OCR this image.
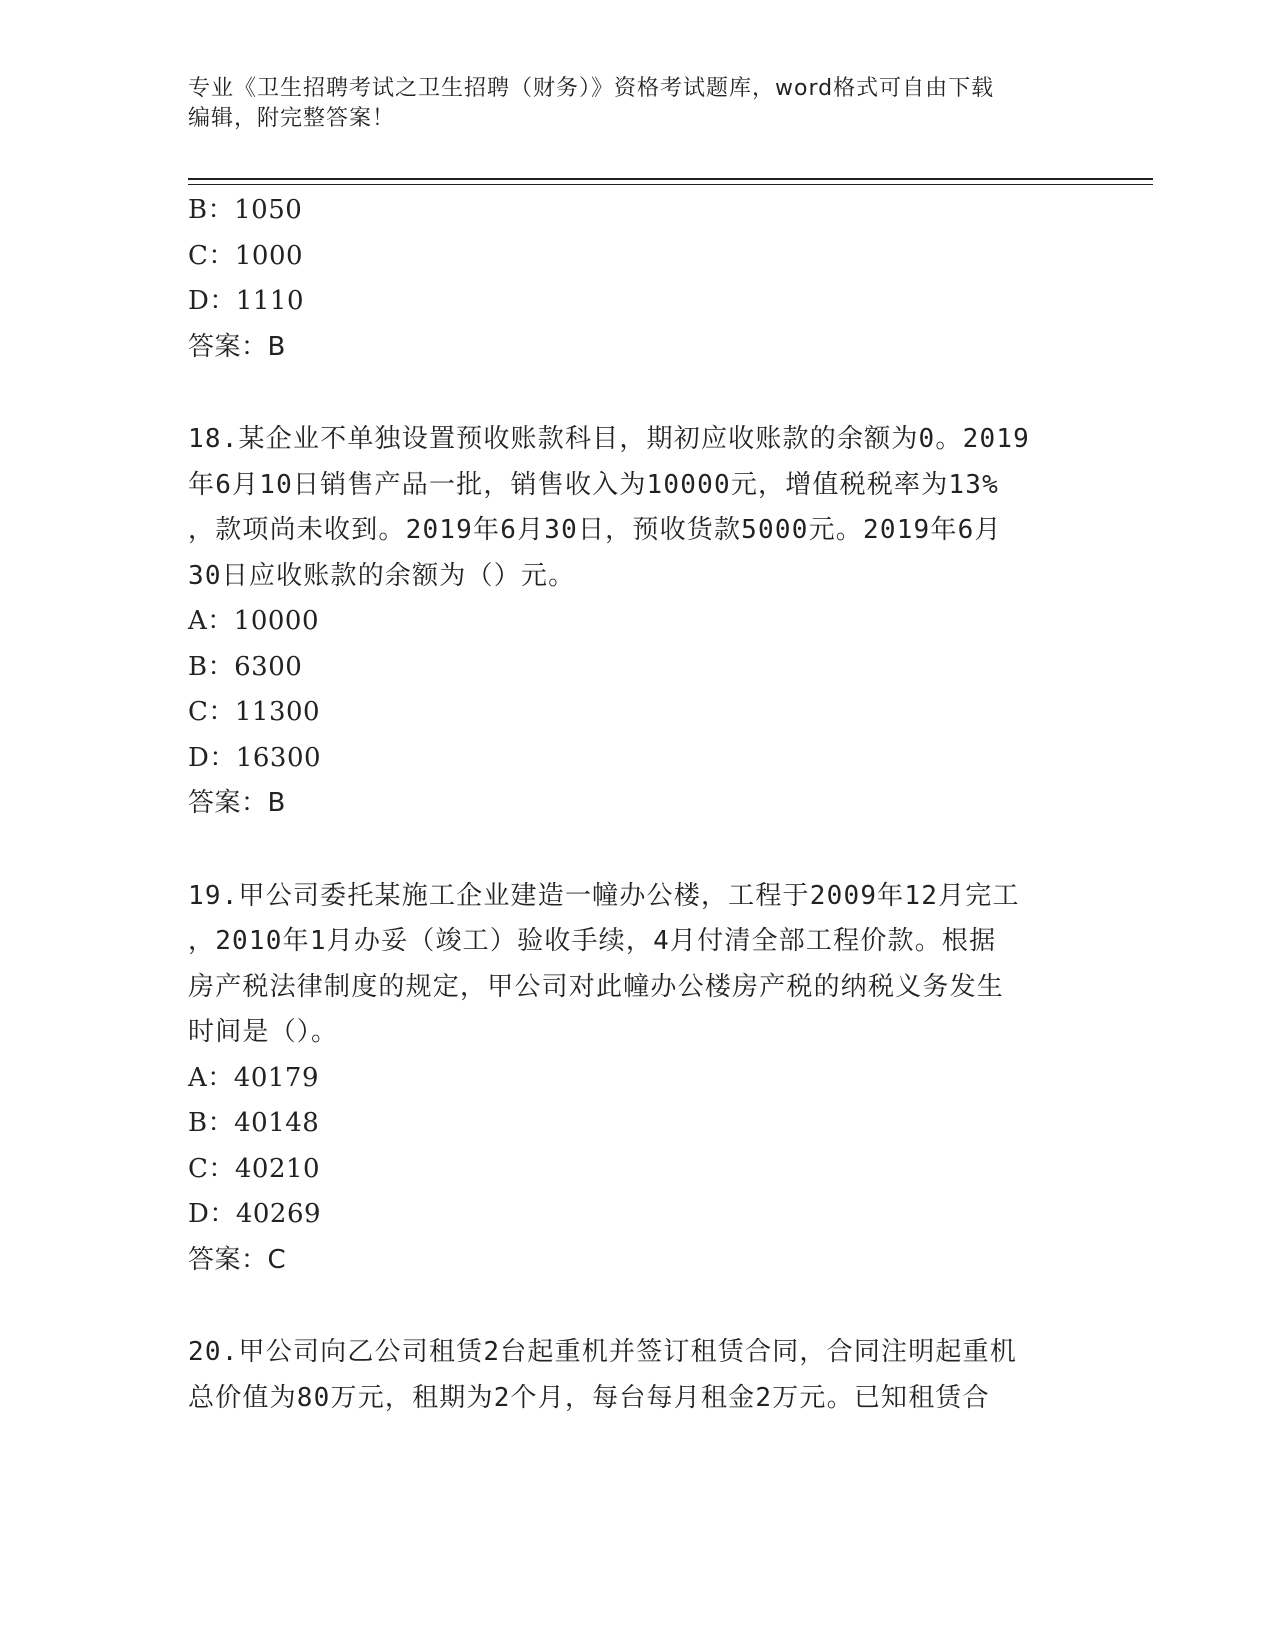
专业《卫生招聘考试之卫生招聘（财务）》资格考试题库，word格式可自由下载
编辑，附完整答案！
B：1050
C：1000
D：1110
答案：B
18.某企业不单独设置预收账款科目，期初应收账款的余额为0。2019
年6月10日销售产品一批，销售收入为10000元，增值税税率为13%
，款项尚未收到。2019年6月30日，预收货款5000元。2019年6月
30日应收账款的余额为（）元。
A：10000
B：6300
C：11300
D：16300
答案：B
19.甲公司委托某施工企业建造一幢办公楼，工程于2009年12月完工
，2010年1月办妥（竣工）验收手续，4月付清全部工程价款。根据
房产税法律制度的规定，甲公司对此幢办公楼房产税的纳税义务发生
时间是（）。
A：40179
B：40148
C：40210
D：40269
答案：C
20.甲公司向乙公司租赁2台起重机并签订租赁合同，合同注明起重机
总价值为80万元，租期为2个月，每台每月租金2万元。已知租赁合
